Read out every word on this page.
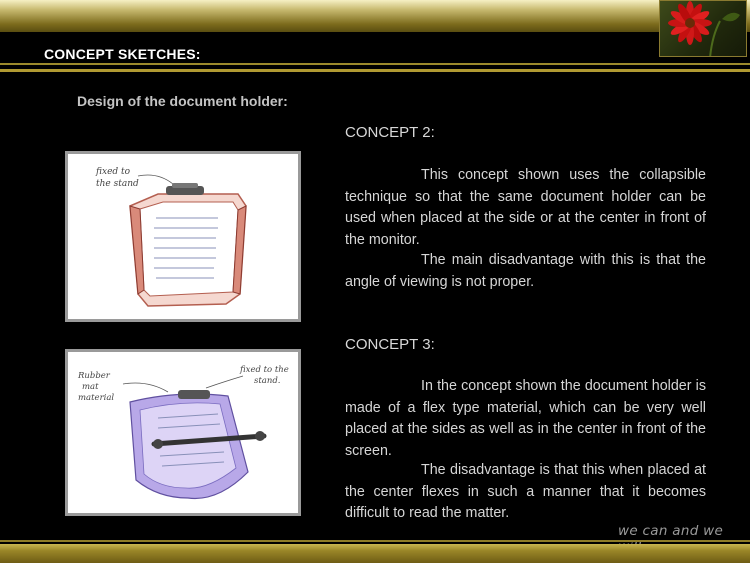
CONCEPT SKETCHES:
Design of the document holder:
fixed to
the stand
Rubber
mat
material
fixed to the
stand.
CONCEPT 2:

This concept shown uses the collapsible technique so that the same document holder can be used when placed at the side or at the center in front of the monitor.

The main disadvantage with this is that the angle of viewing is not proper.

CONCEPT 3:

In the concept shown the document holder is made of a flex type material, which can be very well placed at the sides as well as in the center in front of the screen.

The disadvantage is that this when placed at the center flexes in such a manner that it becomes difficult to read the matter.

we can and we
